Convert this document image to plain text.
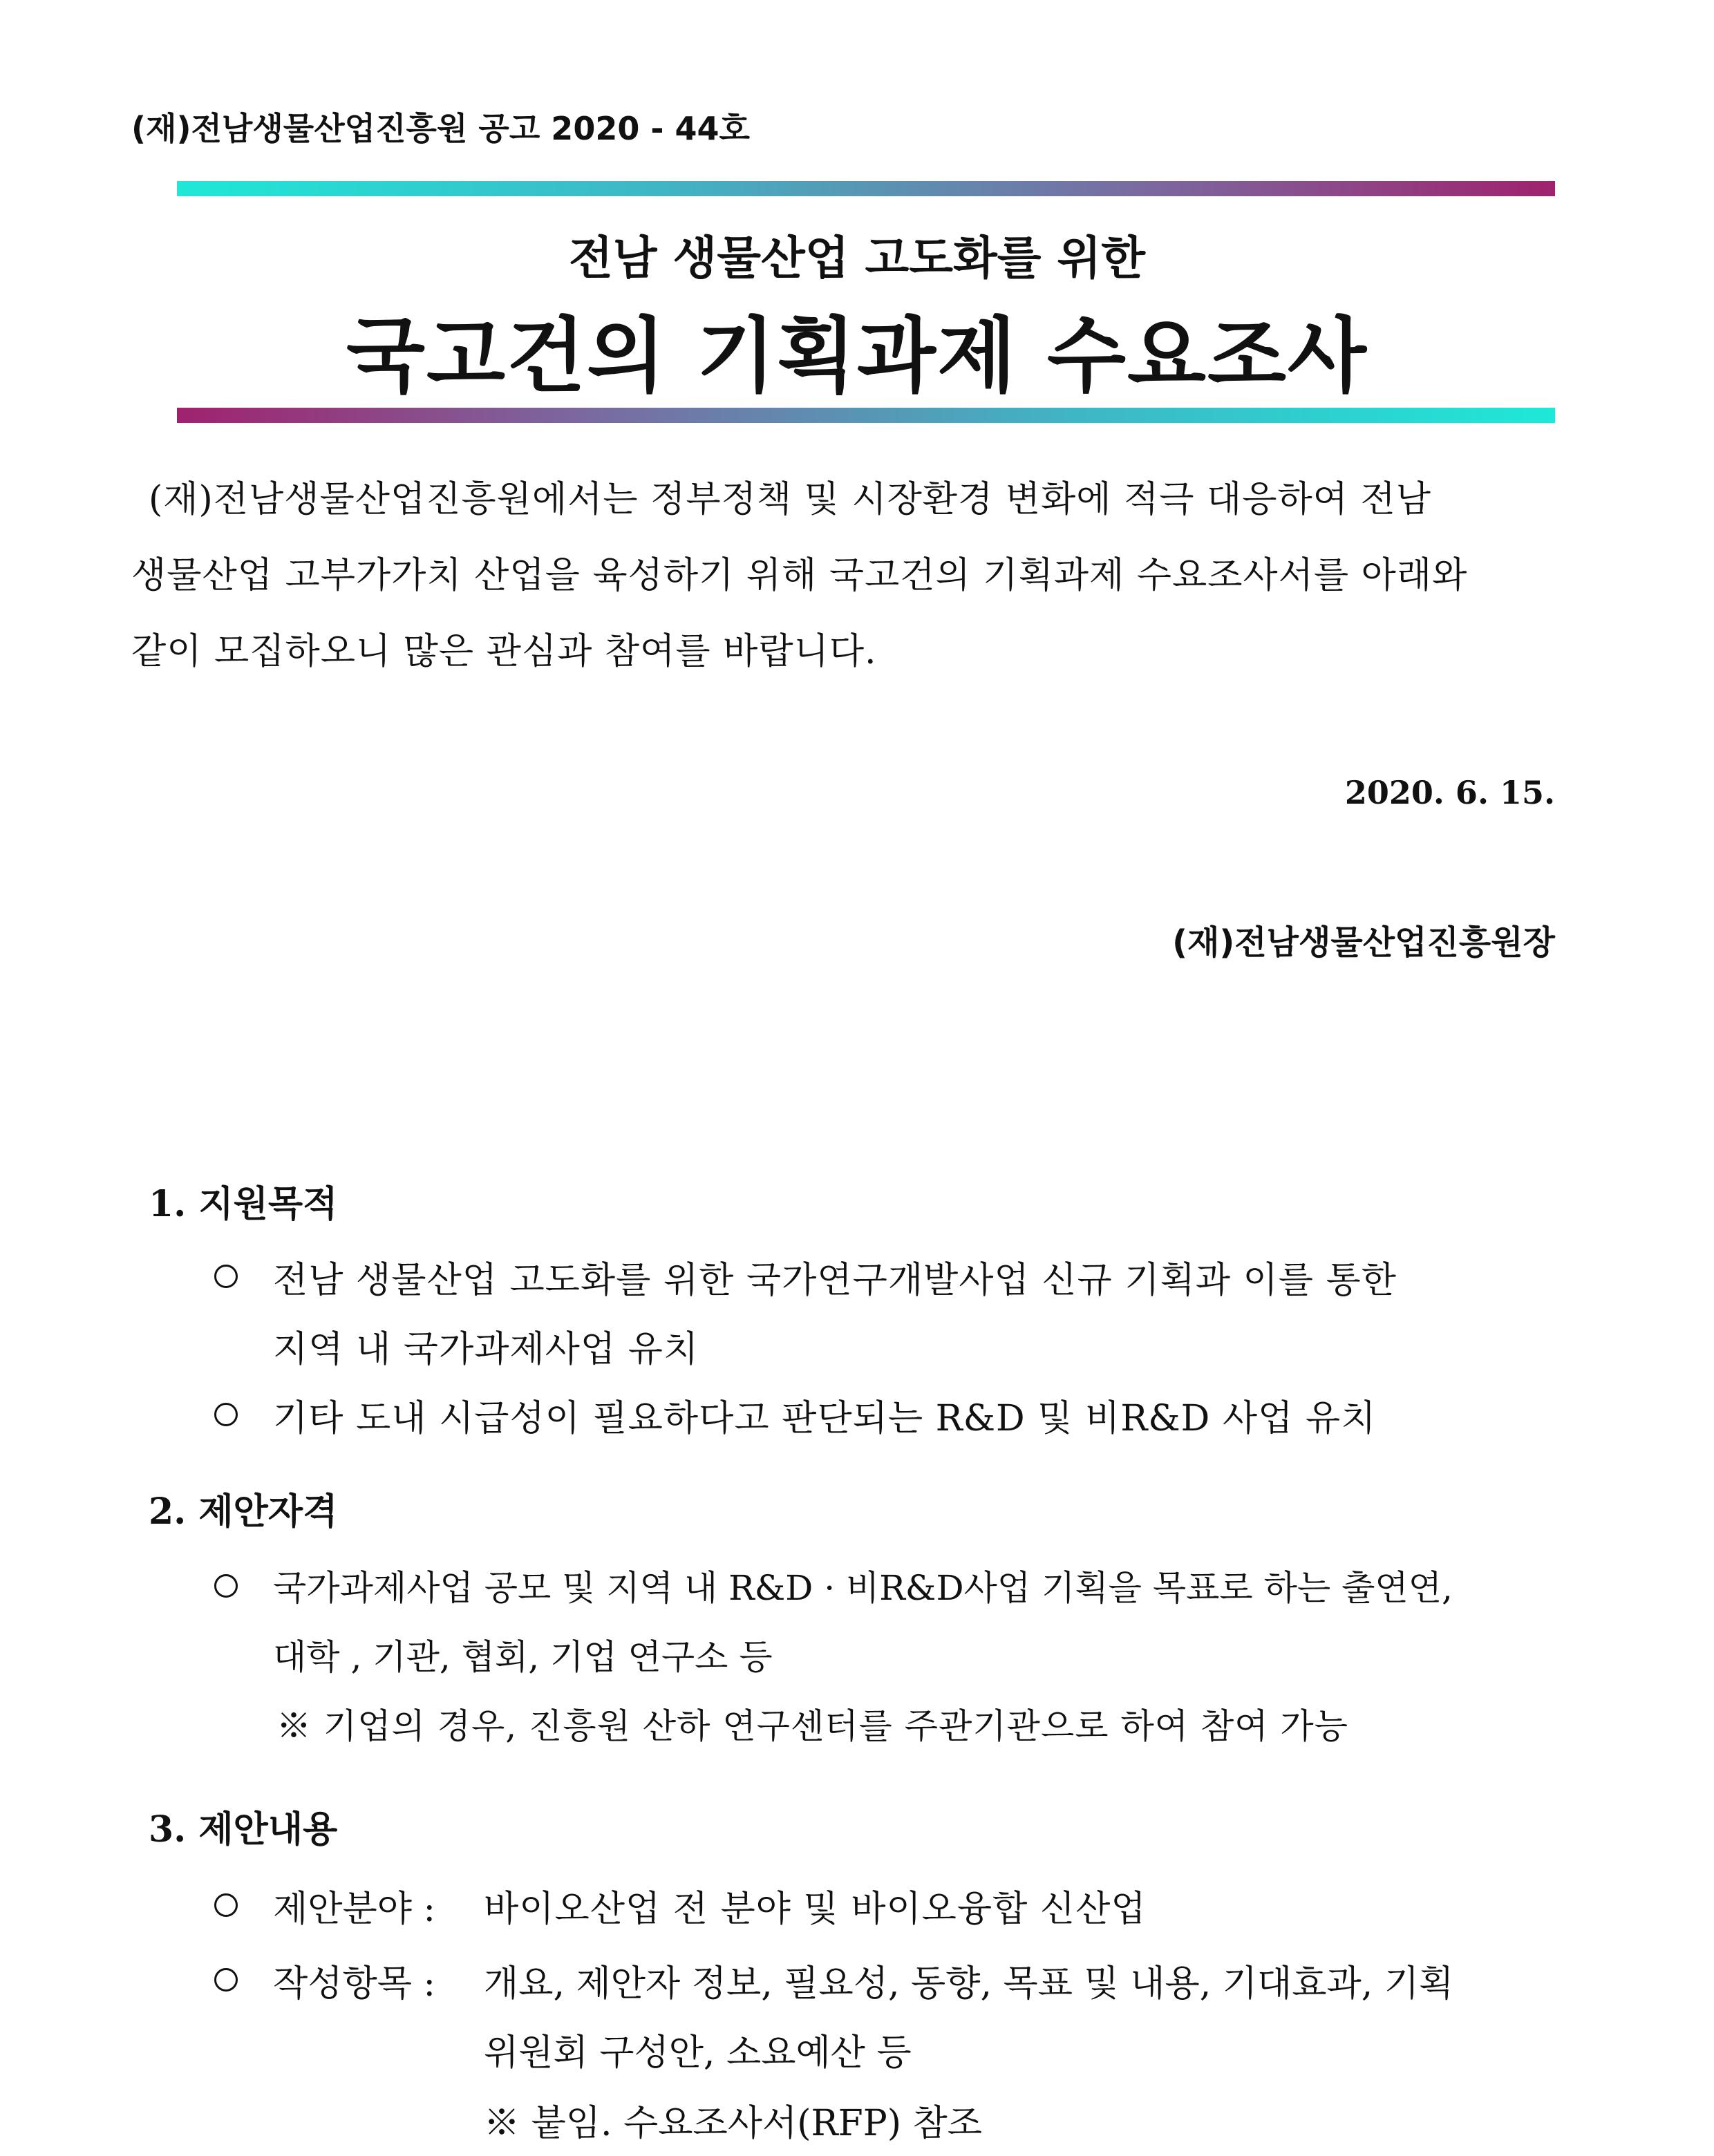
(재)전남생물산업진흥원 공고 2020 - 44호
전남 생물산업 고도화를 위한
국고건의 기획과제 수요조사
(재)전남생물산업진흥원에서는 정부정책 및 시장환경 변화에 적극 대응하여 전남
생물산업 고부가가치 산업을 육성하기 위해 국고건의 기획과제 수요조사서를 아래와
같이 모집하오니 많은 관심과 참여를 바랍니다.
2020. 6. 15.
(재)전남생물산업진흥원장
1. 지원목적
전남 생물산업 고도화를 위한 국가연구개발사업 신규 기획과 이를 통한
지역 내 국가과제사업 유치
기타 도내 시급성이 필요하다고 판단되는 R&D 및 비R&D 사업 유치
2. 제안자격
국가과제사업 공모 및 지역 내 R&D · 비R&D사업 기획을 목표로 하는 출연연,
대학 , 기관, 협회, 기업 연구소 등
※ 기업의 경우, 진흥원 산하 연구센터를 주관기관으로 하여 참여 가능
3. 제안내용
제안분야 : 바이오산업 전 분야 및 바이오융합 신산업
작성항목 : 개요, 제안자 정보, 필요성, 동향, 목표 및 내용, 기대효과, 기획
위원회 구성안, 소요예산 등
※ 붙임. 수요조사서(RFP) 참조
